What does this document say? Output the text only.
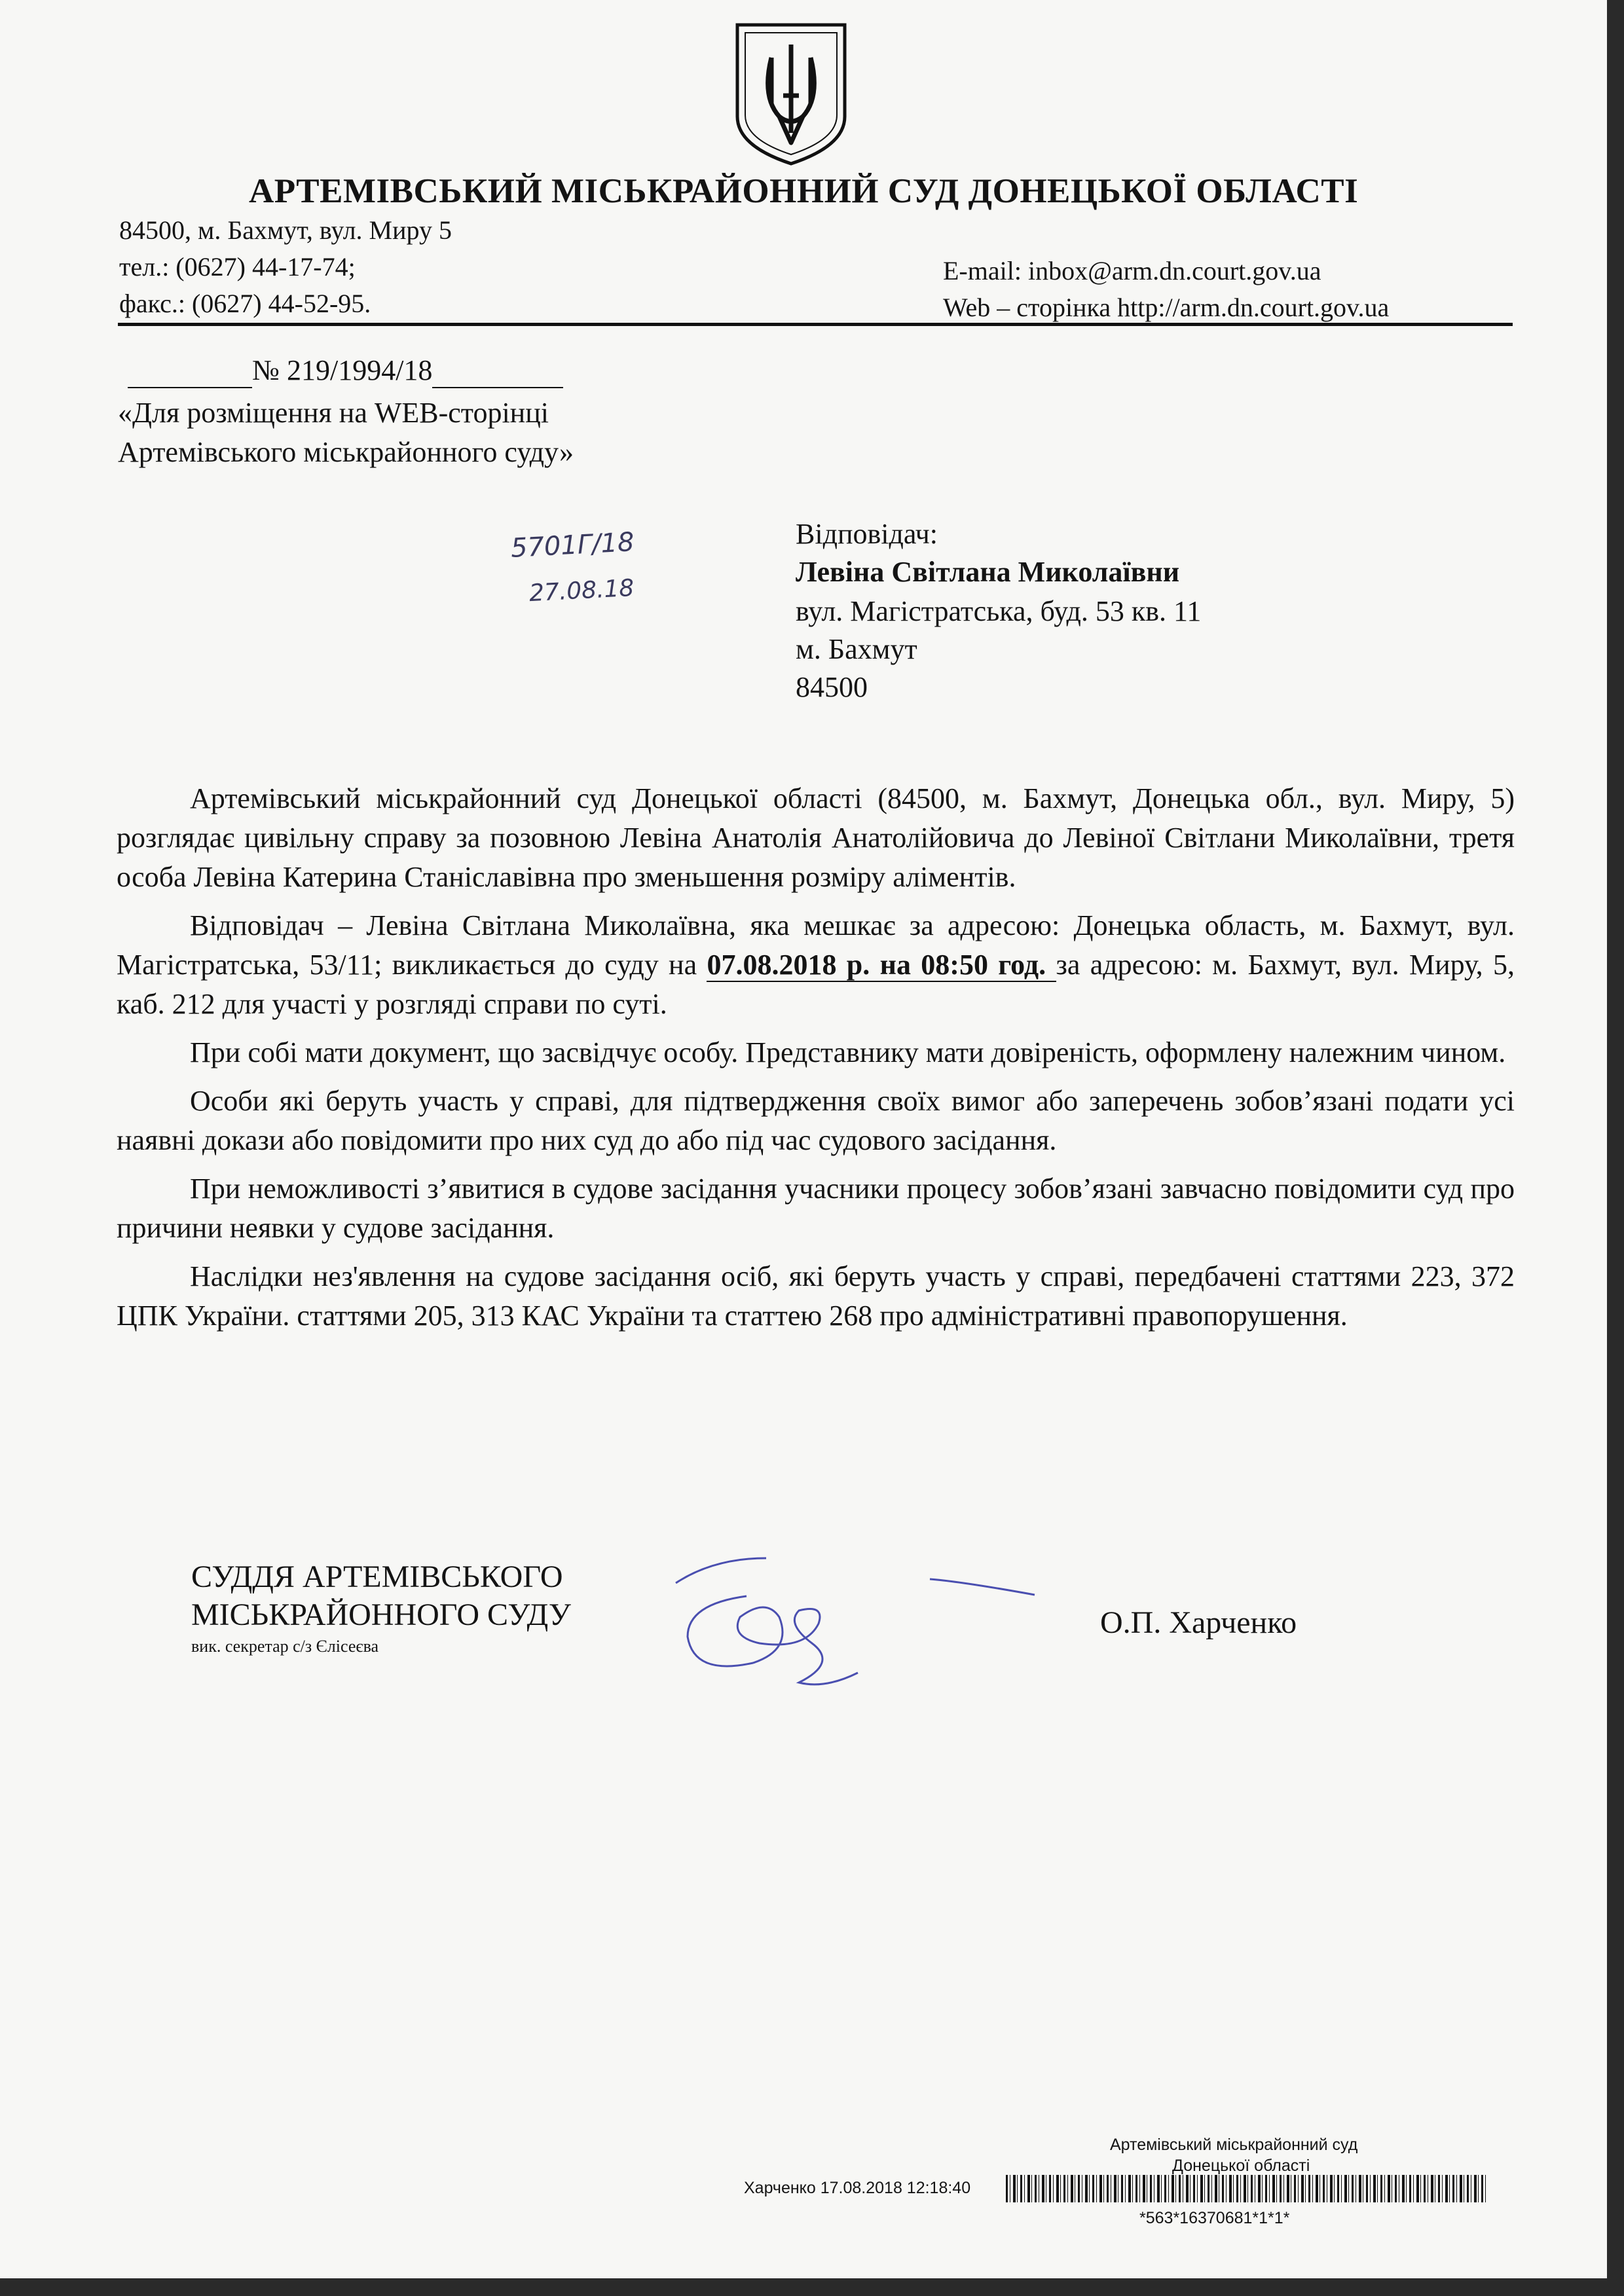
АРТЕМІВСЬКИЙ МІСЬКРАЙОННИЙ СУД ДОНЕЦЬКОЇ ОБЛАСТІ
84500, м. Бахмут, вул. Миру 5
тел.: (0627) 44-17-74;
факс.: (0627) 44-52-95.
E-mail: inbox@arm.dn.court.gov.ua
Web – сторінка http://arm.dn.court.gov.ua
№ 219/1994/18
«Для розміщення на WEB-сторінці
Артемівського міськрайонного суду»
5701Г/18
27.08.18
Відповідач:
Левіна Світлана Миколаївни
вул. Магістратська, буд. 53 кв. 11
м. Бахмут
84500

Артемівський міськрайонний суд Донецької області (84500, м. Бахмут, Донецька обл., вул. Миру, 5) розглядає цивільну справу за позовною Левіна Анатолія Анатолійовича до Левіної Світлани Миколаївни, третя особа Левіна Катерина Станіславівна про зменьшення розміру аліментів.

Відповідач – Левіна Світлана Миколаївна, яка мешкає за адресою: Донецька область, м. Бахмут, вул. Магістратська, 53/11; викликається до суду на 07.08.2018 р. на 08:50 год. за адресою: м. Бахмут, вул. Миру, 5, каб. 212 для участі у розгляді справи по суті.

При собі мати документ, що засвідчує особу. Представнику мати довіреність, оформлену належним чином.

Особи які беруть участь у справі, для підтвердження своїх вимог або заперечень зобов’язані подати усі наявні докази або повідомити про них суд до або під час судового засідання.

При неможливості з’явитися в судове засідання учасники процесу зобов’язані завчасно повідомити суд про причини неявки у судове засідання.

Наслідки нез'явлення на судове засідання осіб, які беруть участь у справі, передбачені статтями 223, 372 ЦПК України. статтями 205, 313 КАС України та статтею 268 про адміністративні правопорушення.

СУДДЯ АРТЕМІВСЬКОГО
МІСЬКРАЙОННОГО СУДУ
вик. секретар с/з Єлісеєва
О.П. Харченко
Артемівський міськрайонний суд
Донецької області
Харченко 17.08.2018 12:18:40
*563*16370681*1*1*
